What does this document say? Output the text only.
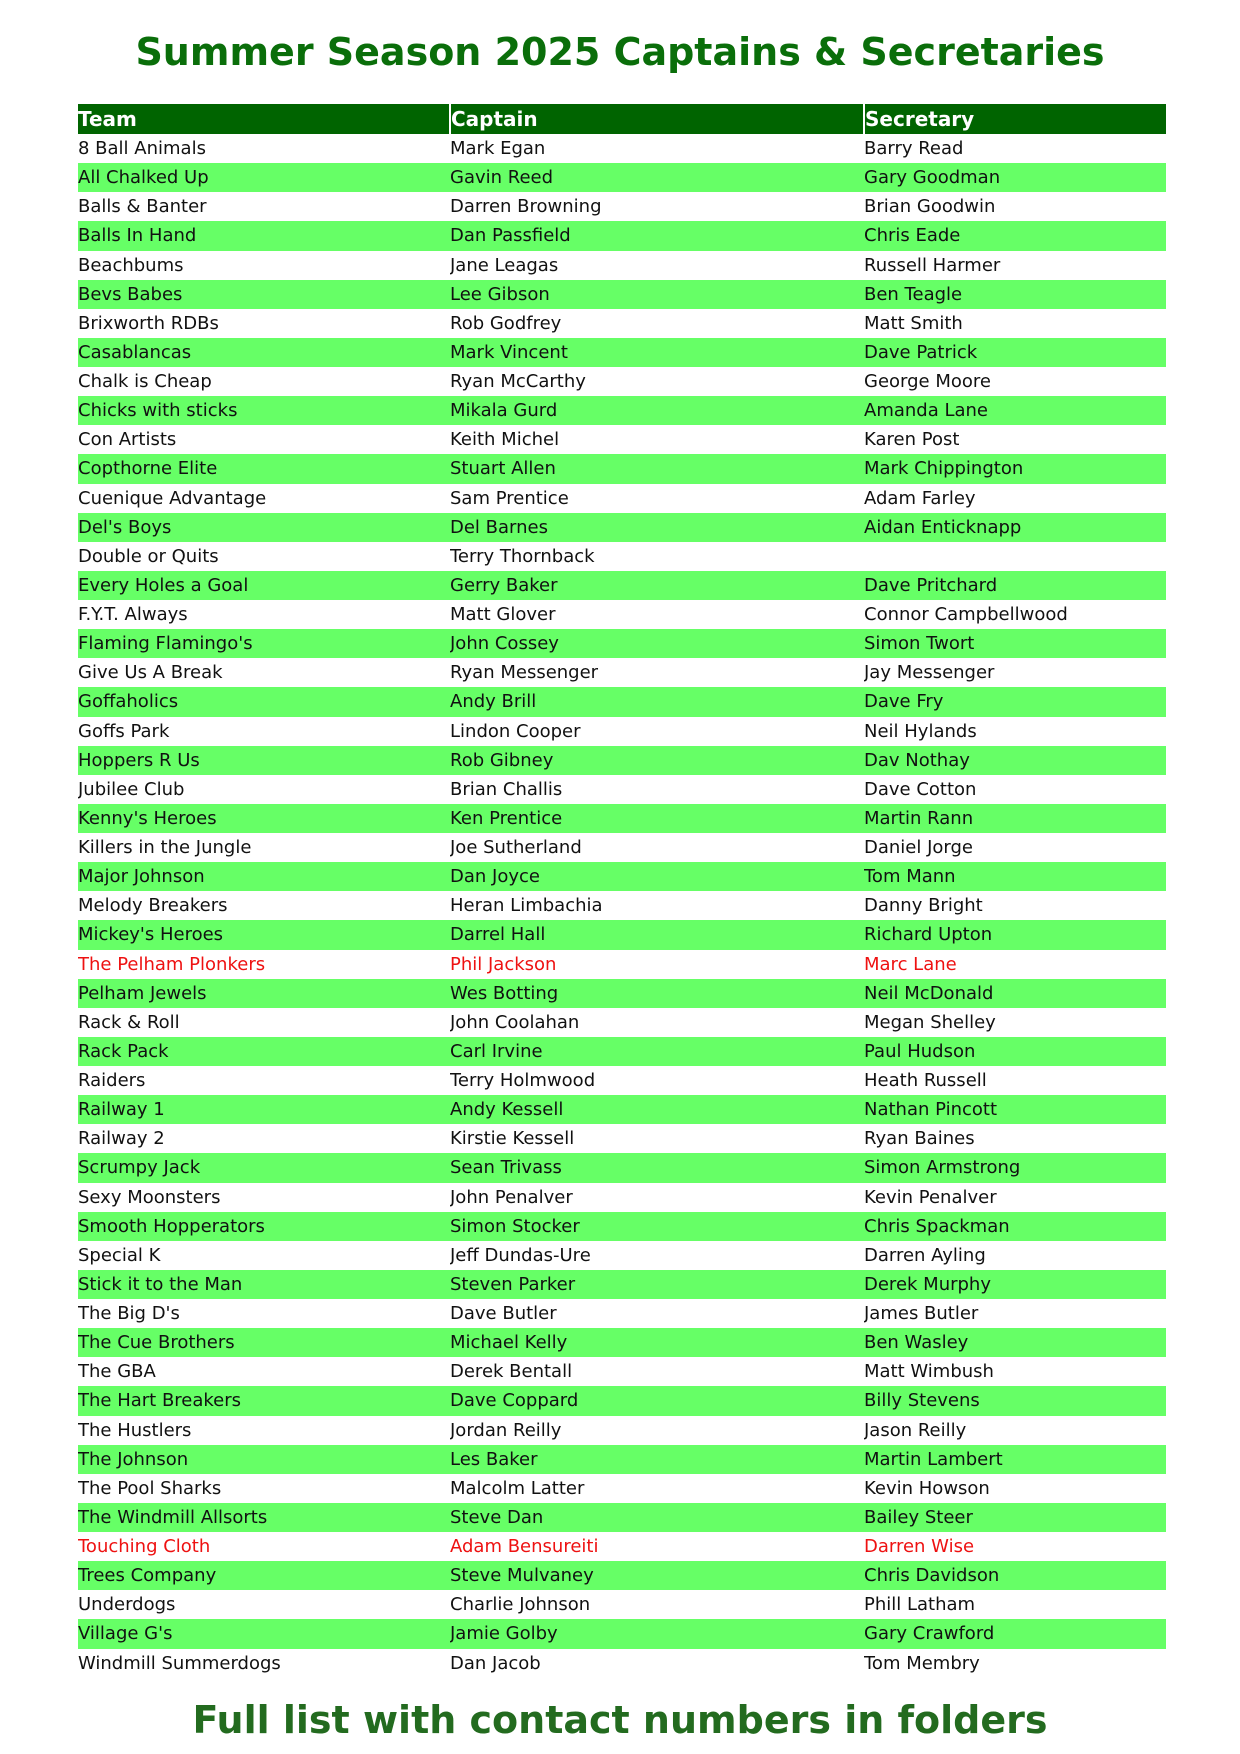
Summer Season 2025 Captains & Secretaries
Team	Captain	Secretary
8 Ball Animals	Mark Egan	Barry Read
All Chalked Up	Gavin Reed	Gary Goodman
Balls & Banter	Darren Browning	Brian Goodwin
Balls In Hand	Dan Passfield	Chris Eade
Beachbums	Jane Leagas	Russell Harmer
Bevs Babes	Lee Gibson	Ben Teagle
Brixworth RDBs	Rob Godfrey	Matt Smith
Casablancas	Mark Vincent	Dave Patrick
Chalk is Cheap	Ryan McCarthy	George Moore
Chicks with sticks	Mikala Gurd	Amanda Lane
Con Artists	Keith Michel	Karen Post
Copthorne Elite	Stuart Allen	Mark Chippington
Cuenique Advantage	Sam Prentice	Adam Farley
Del's Boys	Del Barnes	Aidan Enticknapp
Double or Quits	Terry Thornback	
Every Holes a Goal	Gerry Baker	Dave Pritchard
F.Y.T. Always	Matt Glover	Connor Campbellwood
Flaming Flamingo's	John Cossey	Simon Twort
Give Us A Break	Ryan Messenger	Jay Messenger
Goffaholics	Andy Brill	Dave Fry
Goffs Park	Lindon Cooper	Neil Hylands
Hoppers R Us	Rob Gibney	Dav Nothay
Jubilee Club	Brian Challis	Dave Cotton
Kenny's Heroes	Ken Prentice	Martin Rann
Killers in the Jungle	Joe Sutherland	Daniel Jorge
Major Johnson	Dan Joyce	Tom Mann
Melody Breakers	Heran Limbachia	Danny Bright
Mickey's Heroes	Darrel Hall	Richard Upton
The Pelham Plonkers	Phil Jackson	Marc Lane
Pelham Jewels	Wes Botting	Neil McDonald
Rack & Roll	John Coolahan	Megan Shelley
Rack Pack	Carl Irvine	Paul Hudson
Raiders	Terry Holmwood	Heath Russell
Railway 1	Andy Kessell	Nathan Pincott
Railway 2	Kirstie Kessell	Ryan Baines
Scrumpy Jack	Sean Trivass	Simon Armstrong
Sexy Moonsters	John Penalver	Kevin Penalver
Smooth Hopperators	Simon Stocker	Chris Spackman
Special K	Jeff Dundas-Ure	Darren Ayling
Stick it to the Man	Steven Parker	Derek Murphy
The Big D's	Dave Butler	James Butler
The Cue Brothers	Michael Kelly	Ben Wasley
The GBA	Derek Bentall	Matt Wimbush
The Hart Breakers	Dave Coppard	Billy Stevens
The Hustlers	Jordan Reilly	Jason Reilly
The Johnson	Les Baker	Martin Lambert
The Pool Sharks	Malcolm Latter	Kevin Howson
The Windmill Allsorts	Steve Dan	Bailey Steer
Touching Cloth	Adam Bensureiti	Darren Wise
Trees Company	Steve Mulvaney	Chris Davidson
Underdogs	Charlie Johnson	Phill Latham
Village G's	Jamie Golby	Gary Crawford
Windmill Summerdogs	Dan Jacob	Tom Membry
Full list with contact numbers in folders
